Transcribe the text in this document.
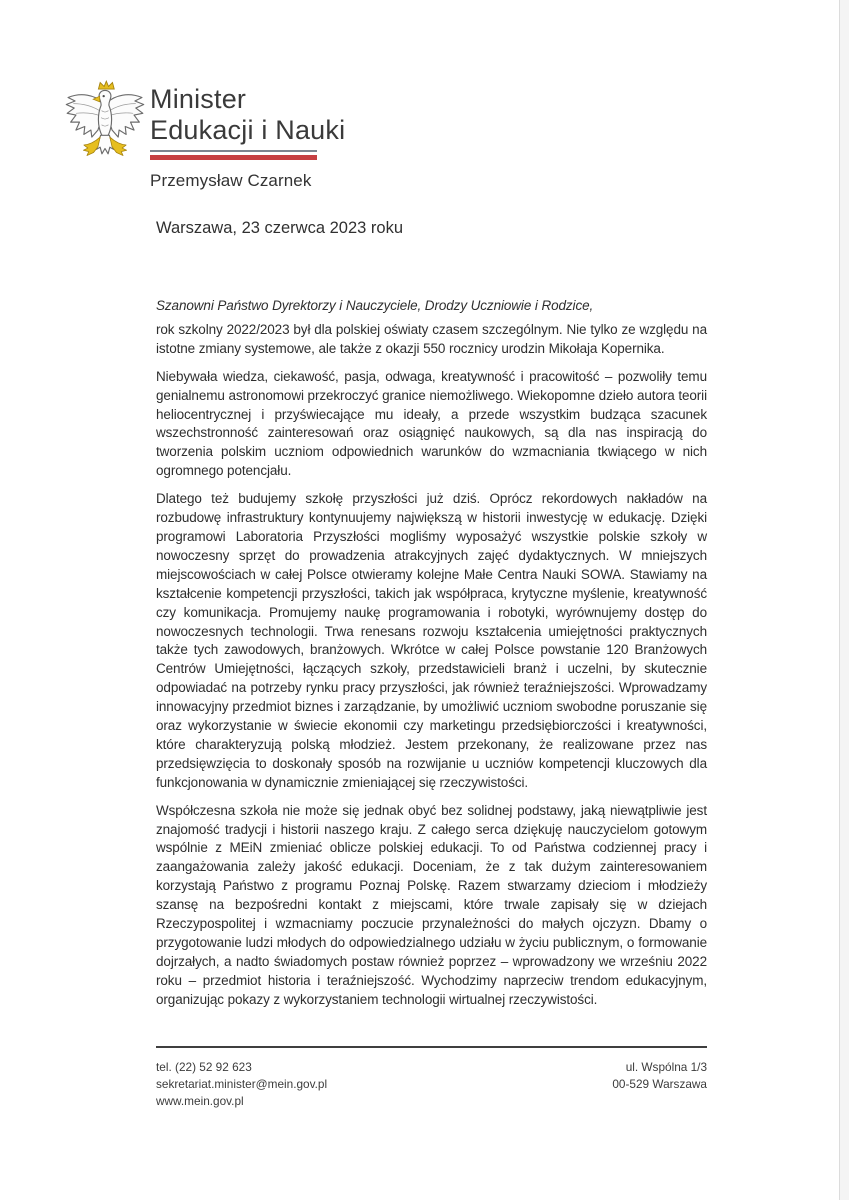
Minister
Edukacji i Nauki
Przemysław Czarnek
Warszawa, 23 czerwca 2023 roku

Szanowni Państwo Dyrektorzy i Nauczyciele, Drodzy Uczniowie i Rodzice,

rok szkolny 2022/2023 był dla polskiej oświaty czasem szczególnym. Nie tylko ze względu na istotne zmiany systemowe, ale także z okazji 550 rocznicy urodzin Mikołaja Kopernika.

Niebywała wiedza, ciekawość, pasja, odwaga, kreatywność i pracowitość – pozwoliły temu genialnemu astronomowi przekroczyć granice niemożliwego. Wiekopomne dzieło autora teorii heliocentrycznej i przyświecające mu ideały, a przede wszystkim budząca szacunek wszechstronność zainteresowań oraz osiągnięć naukowych, są dla nas inspiracją do tworzenia polskim uczniom odpowiednich warunków do wzmacniania tkwiącego w nich ogromnego potencjału.

Dlatego też budujemy szkołę przyszłości już dziś. Oprócz rekordowych nakładów na rozbudowę infrastruktury kontynuujemy największą w historii inwestycję w edukację. Dzięki programowi Laboratoria Przyszłości mogliśmy wyposażyć wszystkie polskie szkoły w nowoczesny sprzęt do prowadzenia atrakcyjnych zajęć dydaktycznych. W mniejszych miejscowościach w całej Polsce otwieramy kolejne Małe Centra Nauki SOWA. Stawiamy na kształcenie kompetencji przyszłości, takich jak współpraca, krytyczne myślenie, kreatywność czy komunikacja. Promujemy naukę programowania i robotyki, wyrównujemy dostęp do nowoczesnych technologii. Trwa renesans rozwoju kształcenia umiejętności praktycznych także tych zawodowych, branżowych. Wkrótce w całej Polsce powstanie 120 Branżowych Centrów Umiejętności, łączących szkoły, przedstawicieli branż i uczelni, by skutecznie odpowiadać na potrzeby rynku pracy przyszłości, jak również teraźniejszości. Wprowadzamy innowacyjny przedmiot biznes i zarządzanie, by umożliwić uczniom swobodne poruszanie się oraz wykorzystanie w świecie ekonomii czy marketingu przedsiębiorczości i kreatywności, które charakteryzują polską młodzież. Jestem przekonany, że realizowane przez nas przedsięwzięcia to doskonały sposób na rozwijanie u uczniów kompetencji kluczowych dla funkcjonowania w dynamicznie zmieniającej się rzeczywistości.

Współczesna szkoła nie może się jednak obyć bez solidnej podstawy, jaką niewątpliwie jest znajomość tradycji i historii naszego kraju. Z całego serca dziękuję nauczycielom gotowym wspólnie z MEiN zmieniać oblicze polskiej edukacji. To od Państwa codziennej pracy i zaangażowania zależy jakość edukacji. Doceniam, że z tak dużym zainteresowaniem korzystają Państwo z programu Poznaj Polskę. Razem stwarzamy dzieciom i młodzieży szansę na bezpośredni kontakt z miejscami, które trwale zapisały się w dziejach Rzeczypospolitej i wzmacniamy poczucie przynależności do małych ojczyzn. Dbamy o przygotowanie ludzi młodych do odpowiedzialnego udziału w życiu publicznym, o formowanie dojrzałych, a nadto świadomych postaw również poprzez – wprowadzony we wrześniu 2022 roku – przedmiot historia i teraźniejszość. Wychodzimy naprzeciw trendom edukacyjnym, organizując pokazy z wykorzystaniem technologii wirtualnej rzeczywistości.

tel. (22) 52 92 623
sekretariat.minister@mein.gov.pl
www.mein.gov.pl
ul. Wspólna 1/3
00-529 Warszawa
